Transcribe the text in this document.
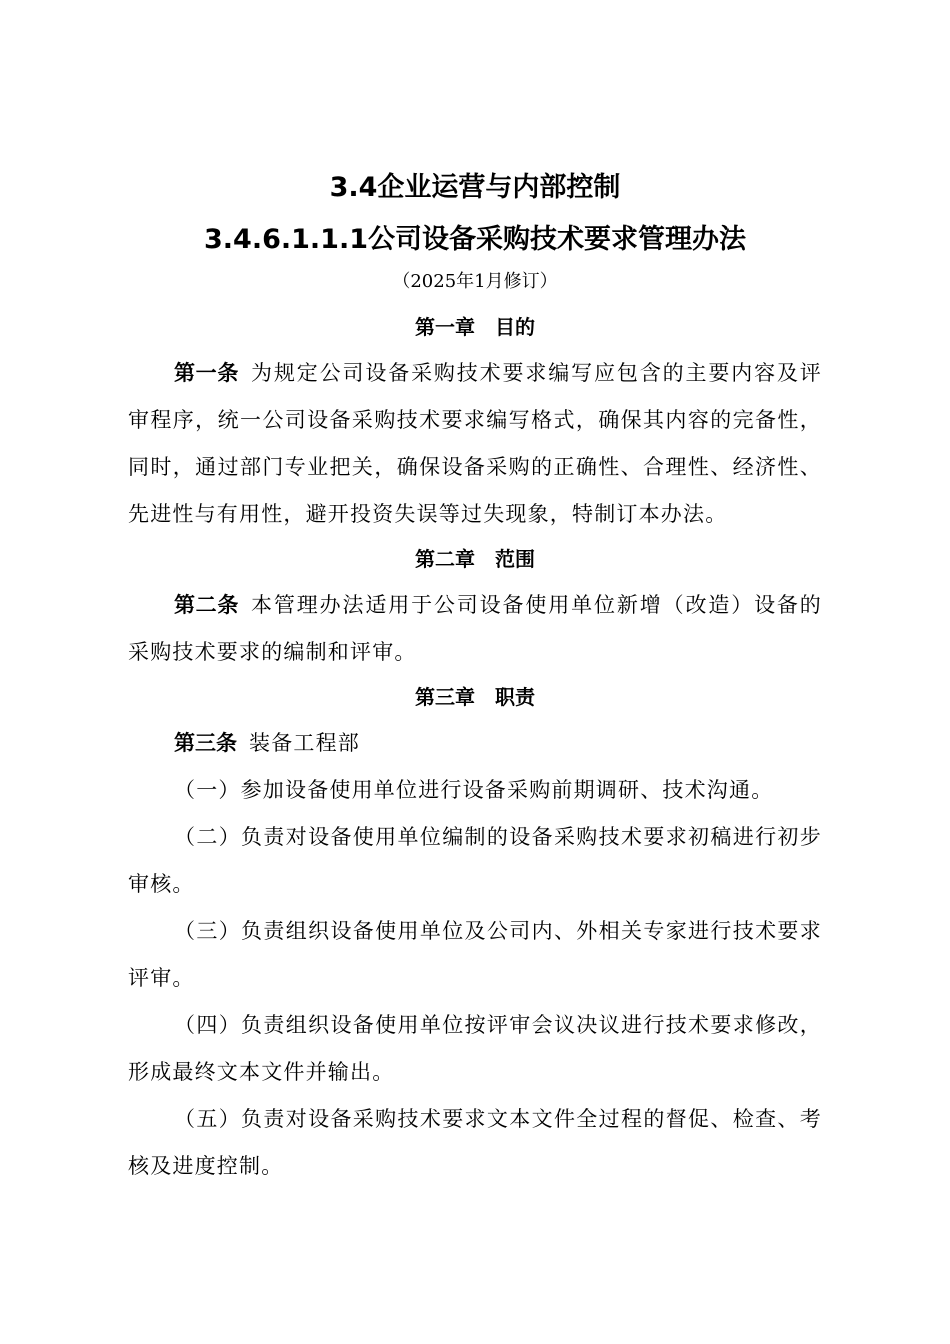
3.4企业运营与内部控制
3.4.6.1.1.1公司设备采购技术要求管理办法
（2025年1月修订）
第一章　目的

第一条 为规定公司设备采购技术要求编写应包含的主要内容及评审程序，统一公司设备采购技术要求编写格式，确保其内容的完备性，同时，通过部门专业把关，确保设备采购的正确性、合理性、经济性、先进性与有用性，避开投资失误等过失现象，特制订本办法。

第二章　范围

第二条 本管理办法适用于公司设备使用单位新增（改造）设备的采购技术要求的编制和评审。

第三章　职责

第三条 装备工程部

（一）参加设备使用单位进行设备采购前期调研、技术沟通。

（二）负责对设备使用单位编制的设备采购技术要求初稿进行初步审核。

（三）负责组织设备使用单位及公司内、外相关专家进行技术要求评审。

（四）负责组织设备使用单位按评审会议决议进行技术要求修改，形成最终文本文件并输出。

（五）负责对设备采购技术要求文本文件全过程的督促、检查、考核及进度控制。
